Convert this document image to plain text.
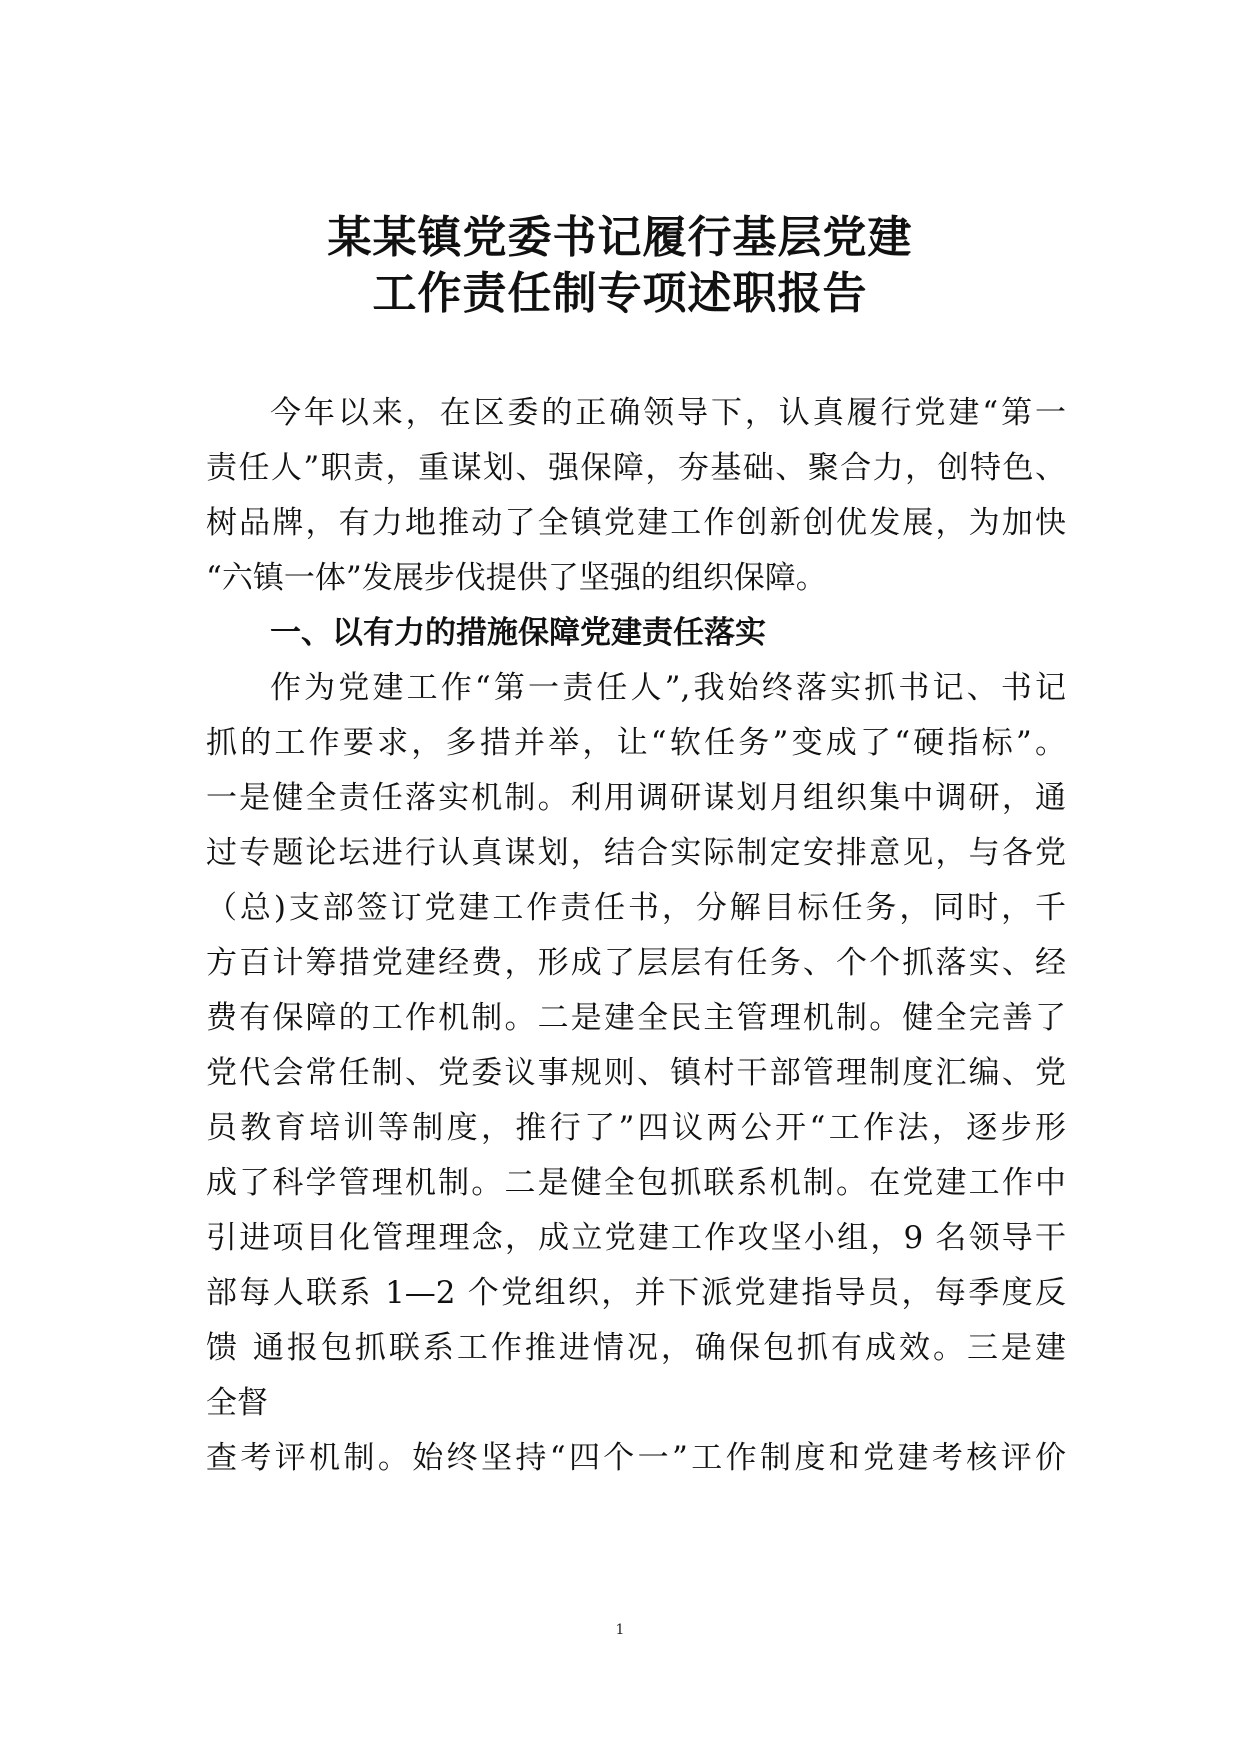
某某镇党委书记履行基层党建
工作责任制专项述职报告
今年以来，在区委的正确领导下，认真履行党建“第一
责任人”职责，重谋划、强保障，夯基础、聚合力，创特色、
树品牌，有力地推动了全镇党建工作创新创优发展，为加快
“六镇一体”发展步伐提供了坚强的组织保障。
一、以有力的措施保障党建责任落实
作为党建工作“第一责任人”,我始终落实抓书记、书记
抓的工作要求，多措并举，让“软任务”变成了“硬指标”。
一是健全责任落实机制。利用调研谋划月组织集中调研，通
过专题论坛进行认真谋划，结合实际制定安排意见，与各党
（总)支部签订党建工作责任书，分解目标任务，同时，千
方百计筹措党建经费，形成了层层有任务、个个抓落实、经
费有保障的工作机制。二是建全民主管理机制。健全完善了
党代会常任制、党委议事规则、镇村干部管理制度汇编、党
员教育培训等制度，推行了”四议两公开“工作法，逐步形
成了科学管理机制。二是健全包抓联系机制。在党建工作中
引进项目化管理理念，成立党建工作攻坚小组，9 名领导干
部每人联系 1—2 个党组织，并下派党建指导员，每季度反
馈 通报包抓联系工作推进情况，确保包抓有成效。三是建
全督
查考评机制。始终坚持“四个一”工作制度和党建考核评价
1
